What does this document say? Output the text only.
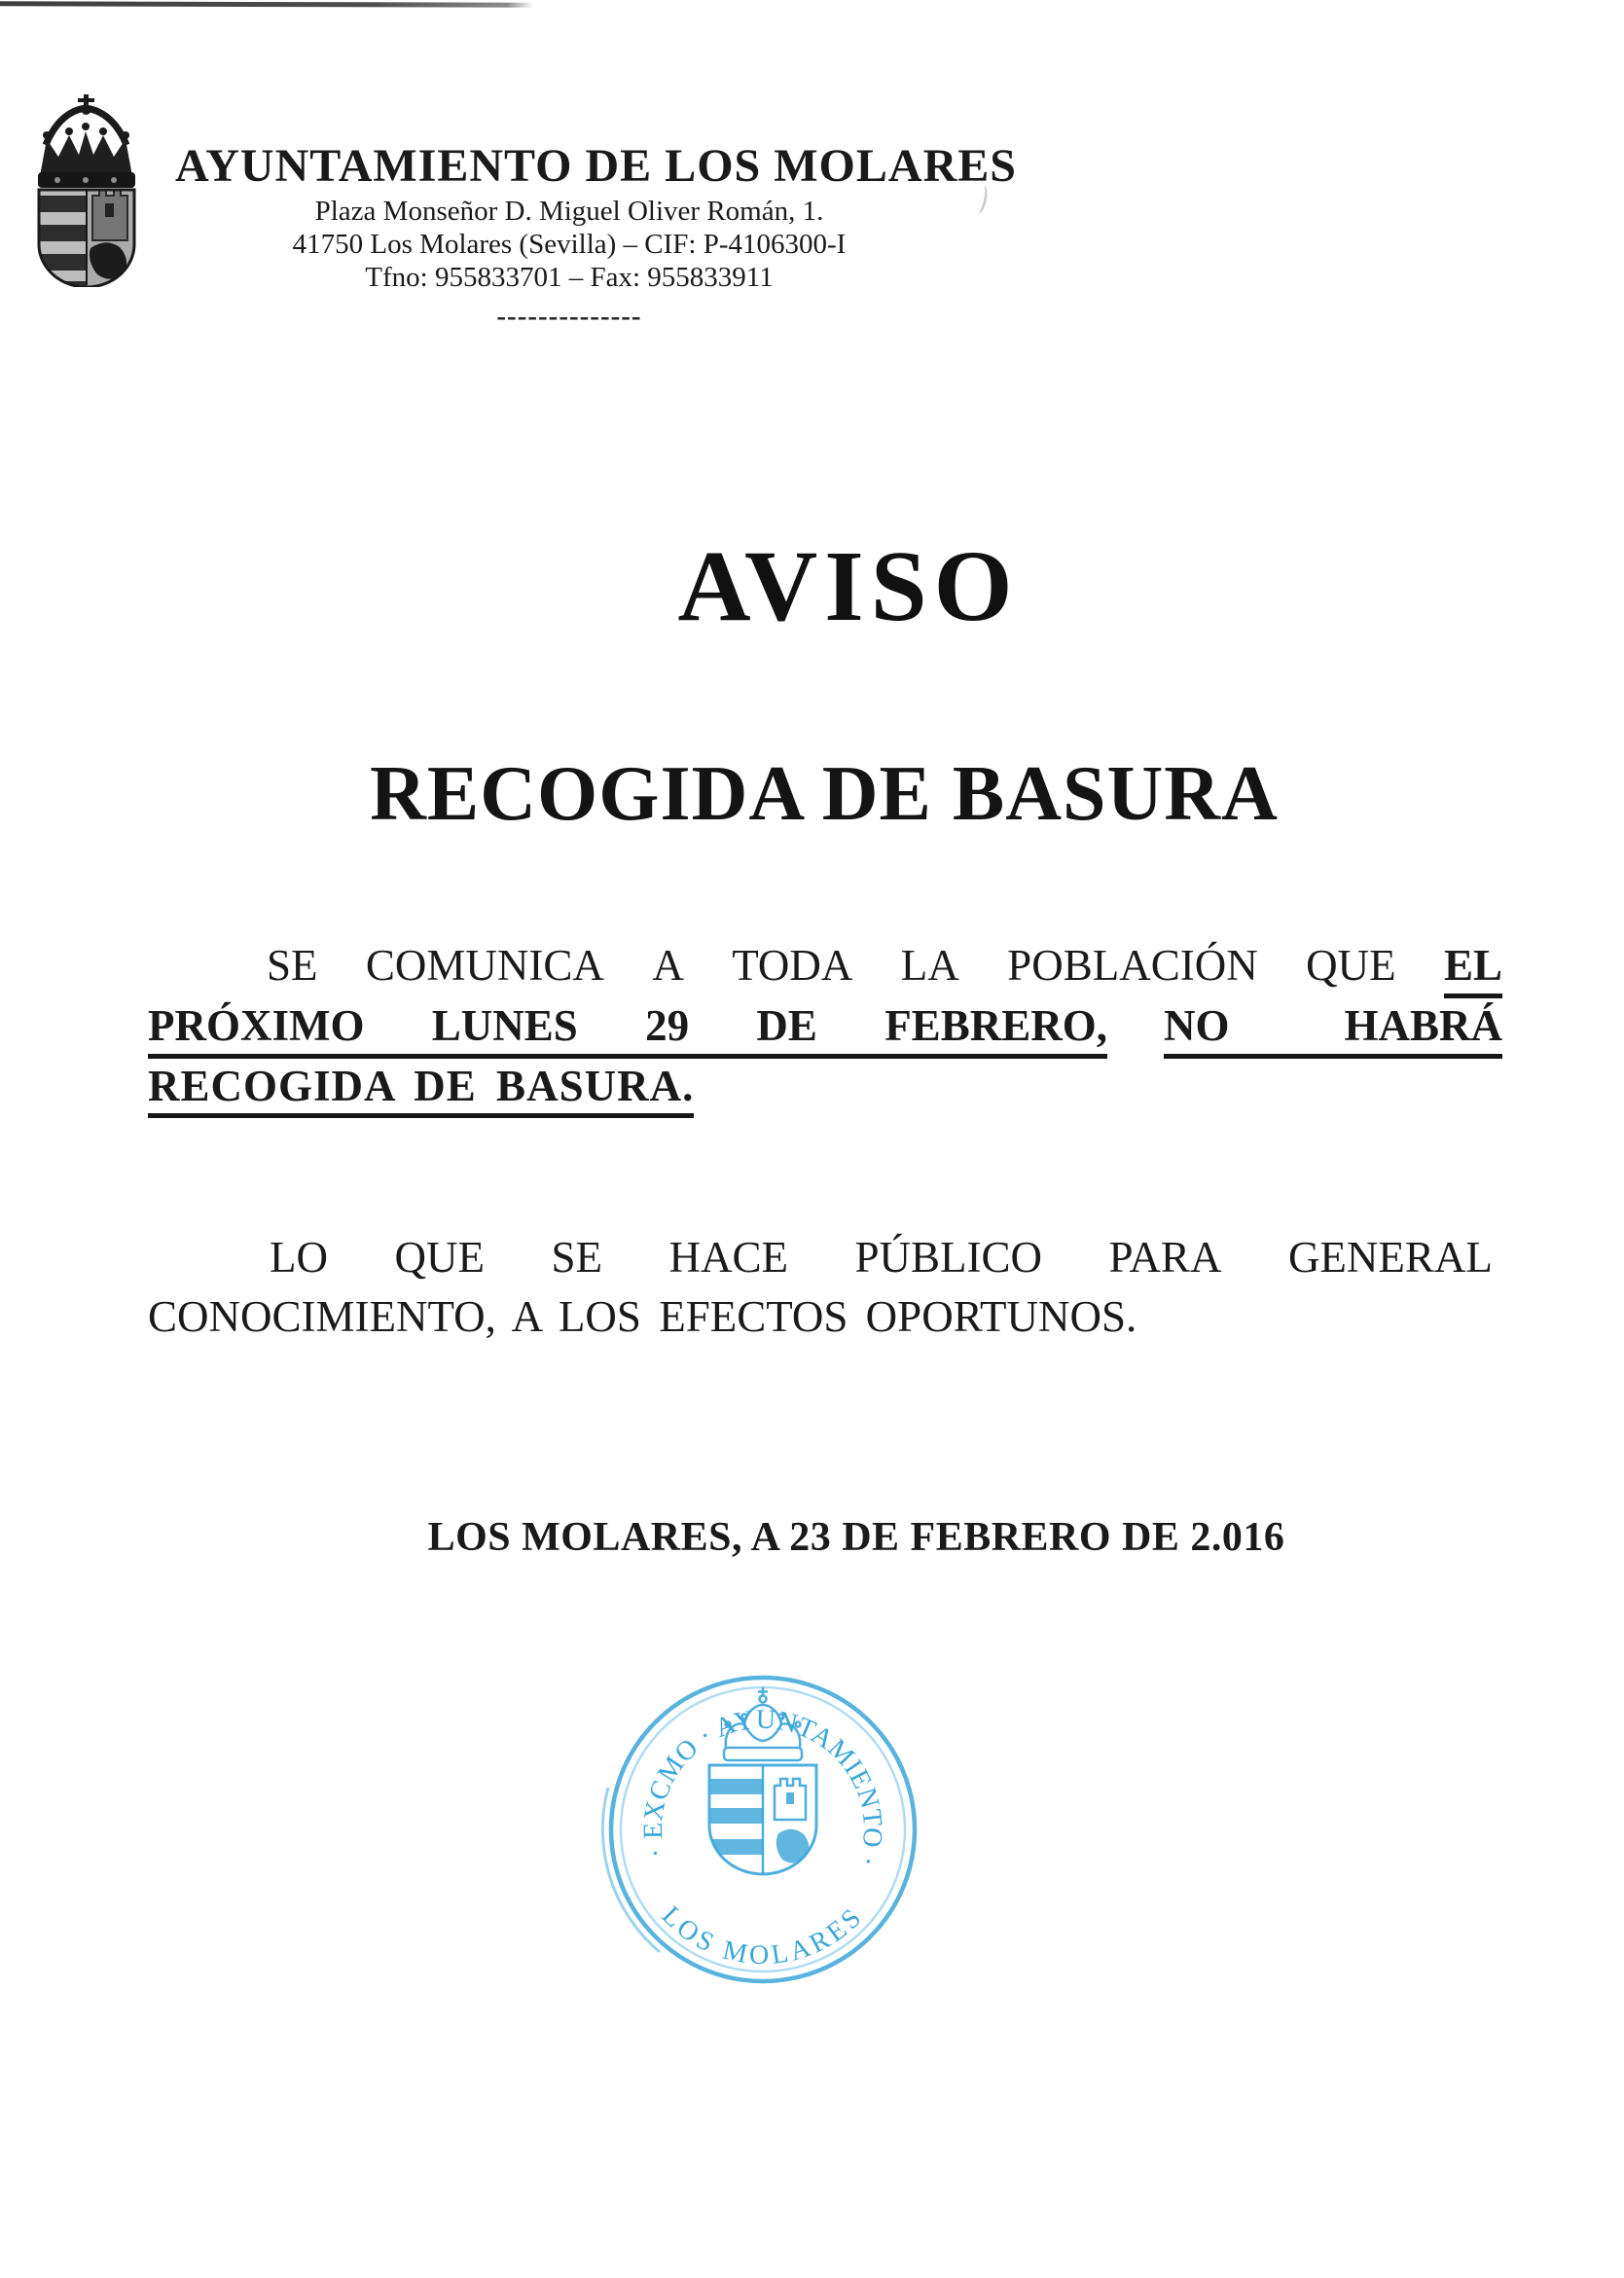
AYUNTAMIENTO DE LOS MOLARES
Plaza Monseñor D. Miguel Oliver Román, 1.
41750 Los Molares (Sevilla) – CIF: P-4106300-I
Tfno: 955833701 – Fax: 955833911
--------------
AVISO
RECOGIDA DE BASURA
SE COMUNICA A TODA LA POBLACIÓN QUE EL
PRÓXIMO LUNES 29 DE FEBRERO, NO	HABRÁ
RECOGIDA DE BASURA.
LO QUE SE HACE PÚBLICO PARA GENERAL
CONOCIMIENTO, A LOS EFECTOS OPORTUNOS.
LOS MOLARES, A 23 DE FEBRERO DE 2.016
· EXCMO · AYUNTAMIENTO ·
LOS MOLARES
